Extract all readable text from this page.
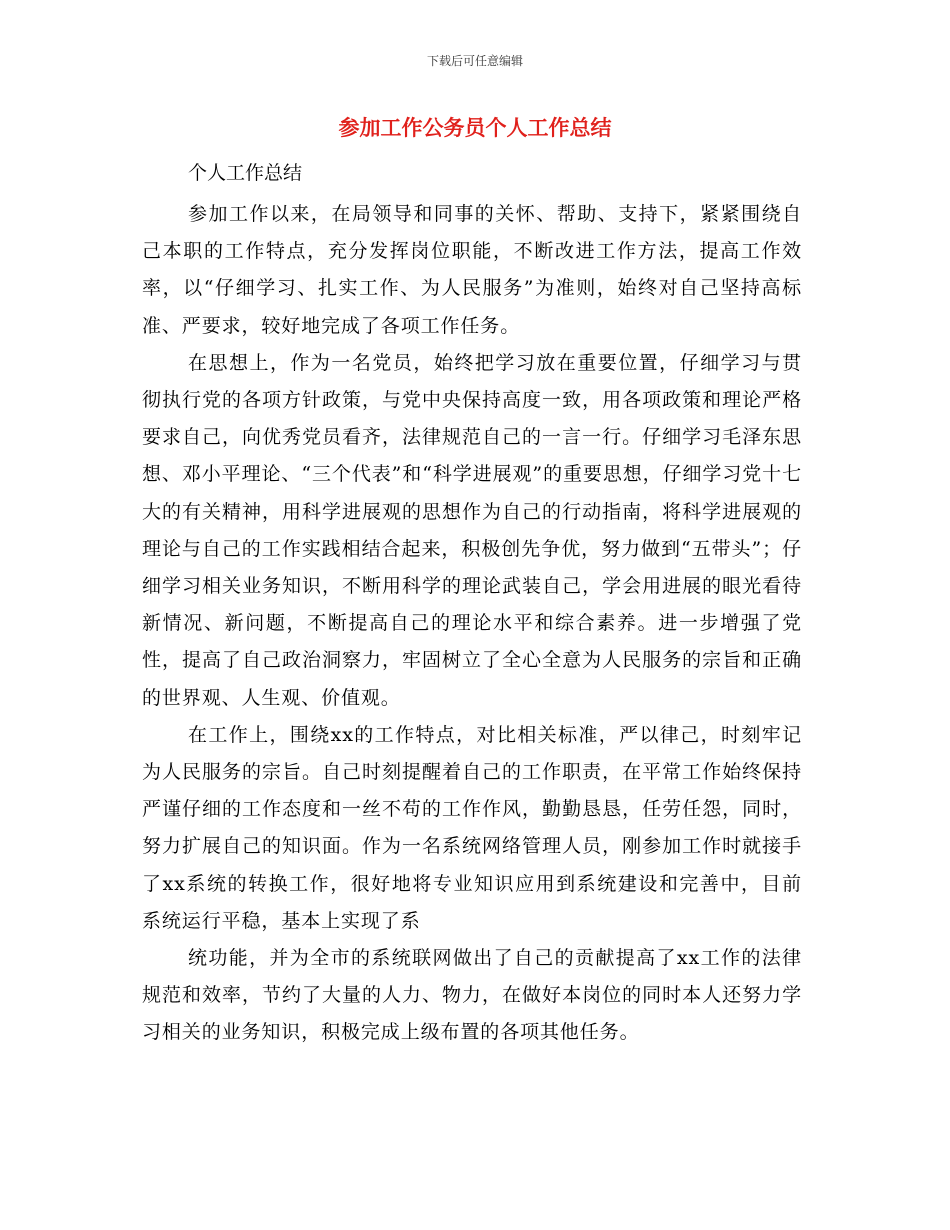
下载后可任意编辑
参加工作公务员个人工作总结
个人工作总结

参加工作以来，在局领导和同事的关怀、帮助、支持下，紧紧围绕自己本职的工作特点，充分发挥岗位职能，不断改进工作方法，提高工作效率，以“仔细学习、扎实工作、为人民服务”为准则，始终对自己坚持高标准、严要求，较好地完成了各项工作任务。

在思想上，作为一名党员，始终把学习放在重要位置，仔细学习与贯彻执行党的各项方针政策，与党中央保持高度一致，用各项政策和理论严格要求自己，向优秀党员看齐，法律规范自己的一言一行。仔细学习毛泽东思想、邓小平理论、“三个代表”和“科学进展观”的重要思想，仔细学习党十七大的有关精神，用科学进展观的思想作为自己的行动指南，将科学进展观的理论与自己的工作实践相结合起来，积极创先争优，努力做到“五带头”；仔细学习相关业务知识，不断用科学的理论武装自己，学会用进展的眼光看待新情况、新问题，不断提高自己的理论水平和综合素养。进一步增强了党性，提高了自己政治洞察力，牢固树立了全心全意为人民服务的宗旨和正确的世界观、人生观、价值观。

在工作上，围绕xx的工作特点，对比相关标准，严以律己，时刻牢记为人民服务的宗旨。自己时刻提醒着自己的工作职责，在平常工作始终保持严谨仔细的工作态度和一丝不苟的工作作风，勤勤恳恳，任劳任怨，同时，努力扩展自己的知识面。作为一名系统网络管理人员，刚参加工作时就接手了xx系统的转换工作，很好地将专业知识应用到系统建设和完善中，目前系统运行平稳，基本上实现了系

统功能，并为全市的系统联网做出了自己的贡献提高了xx工作的法律规范和效率，节约了大量的人力、物力，在做好本岗位的同时本人还努力学习相关的业务知识，积极完成上级布置的各项其他任务。
